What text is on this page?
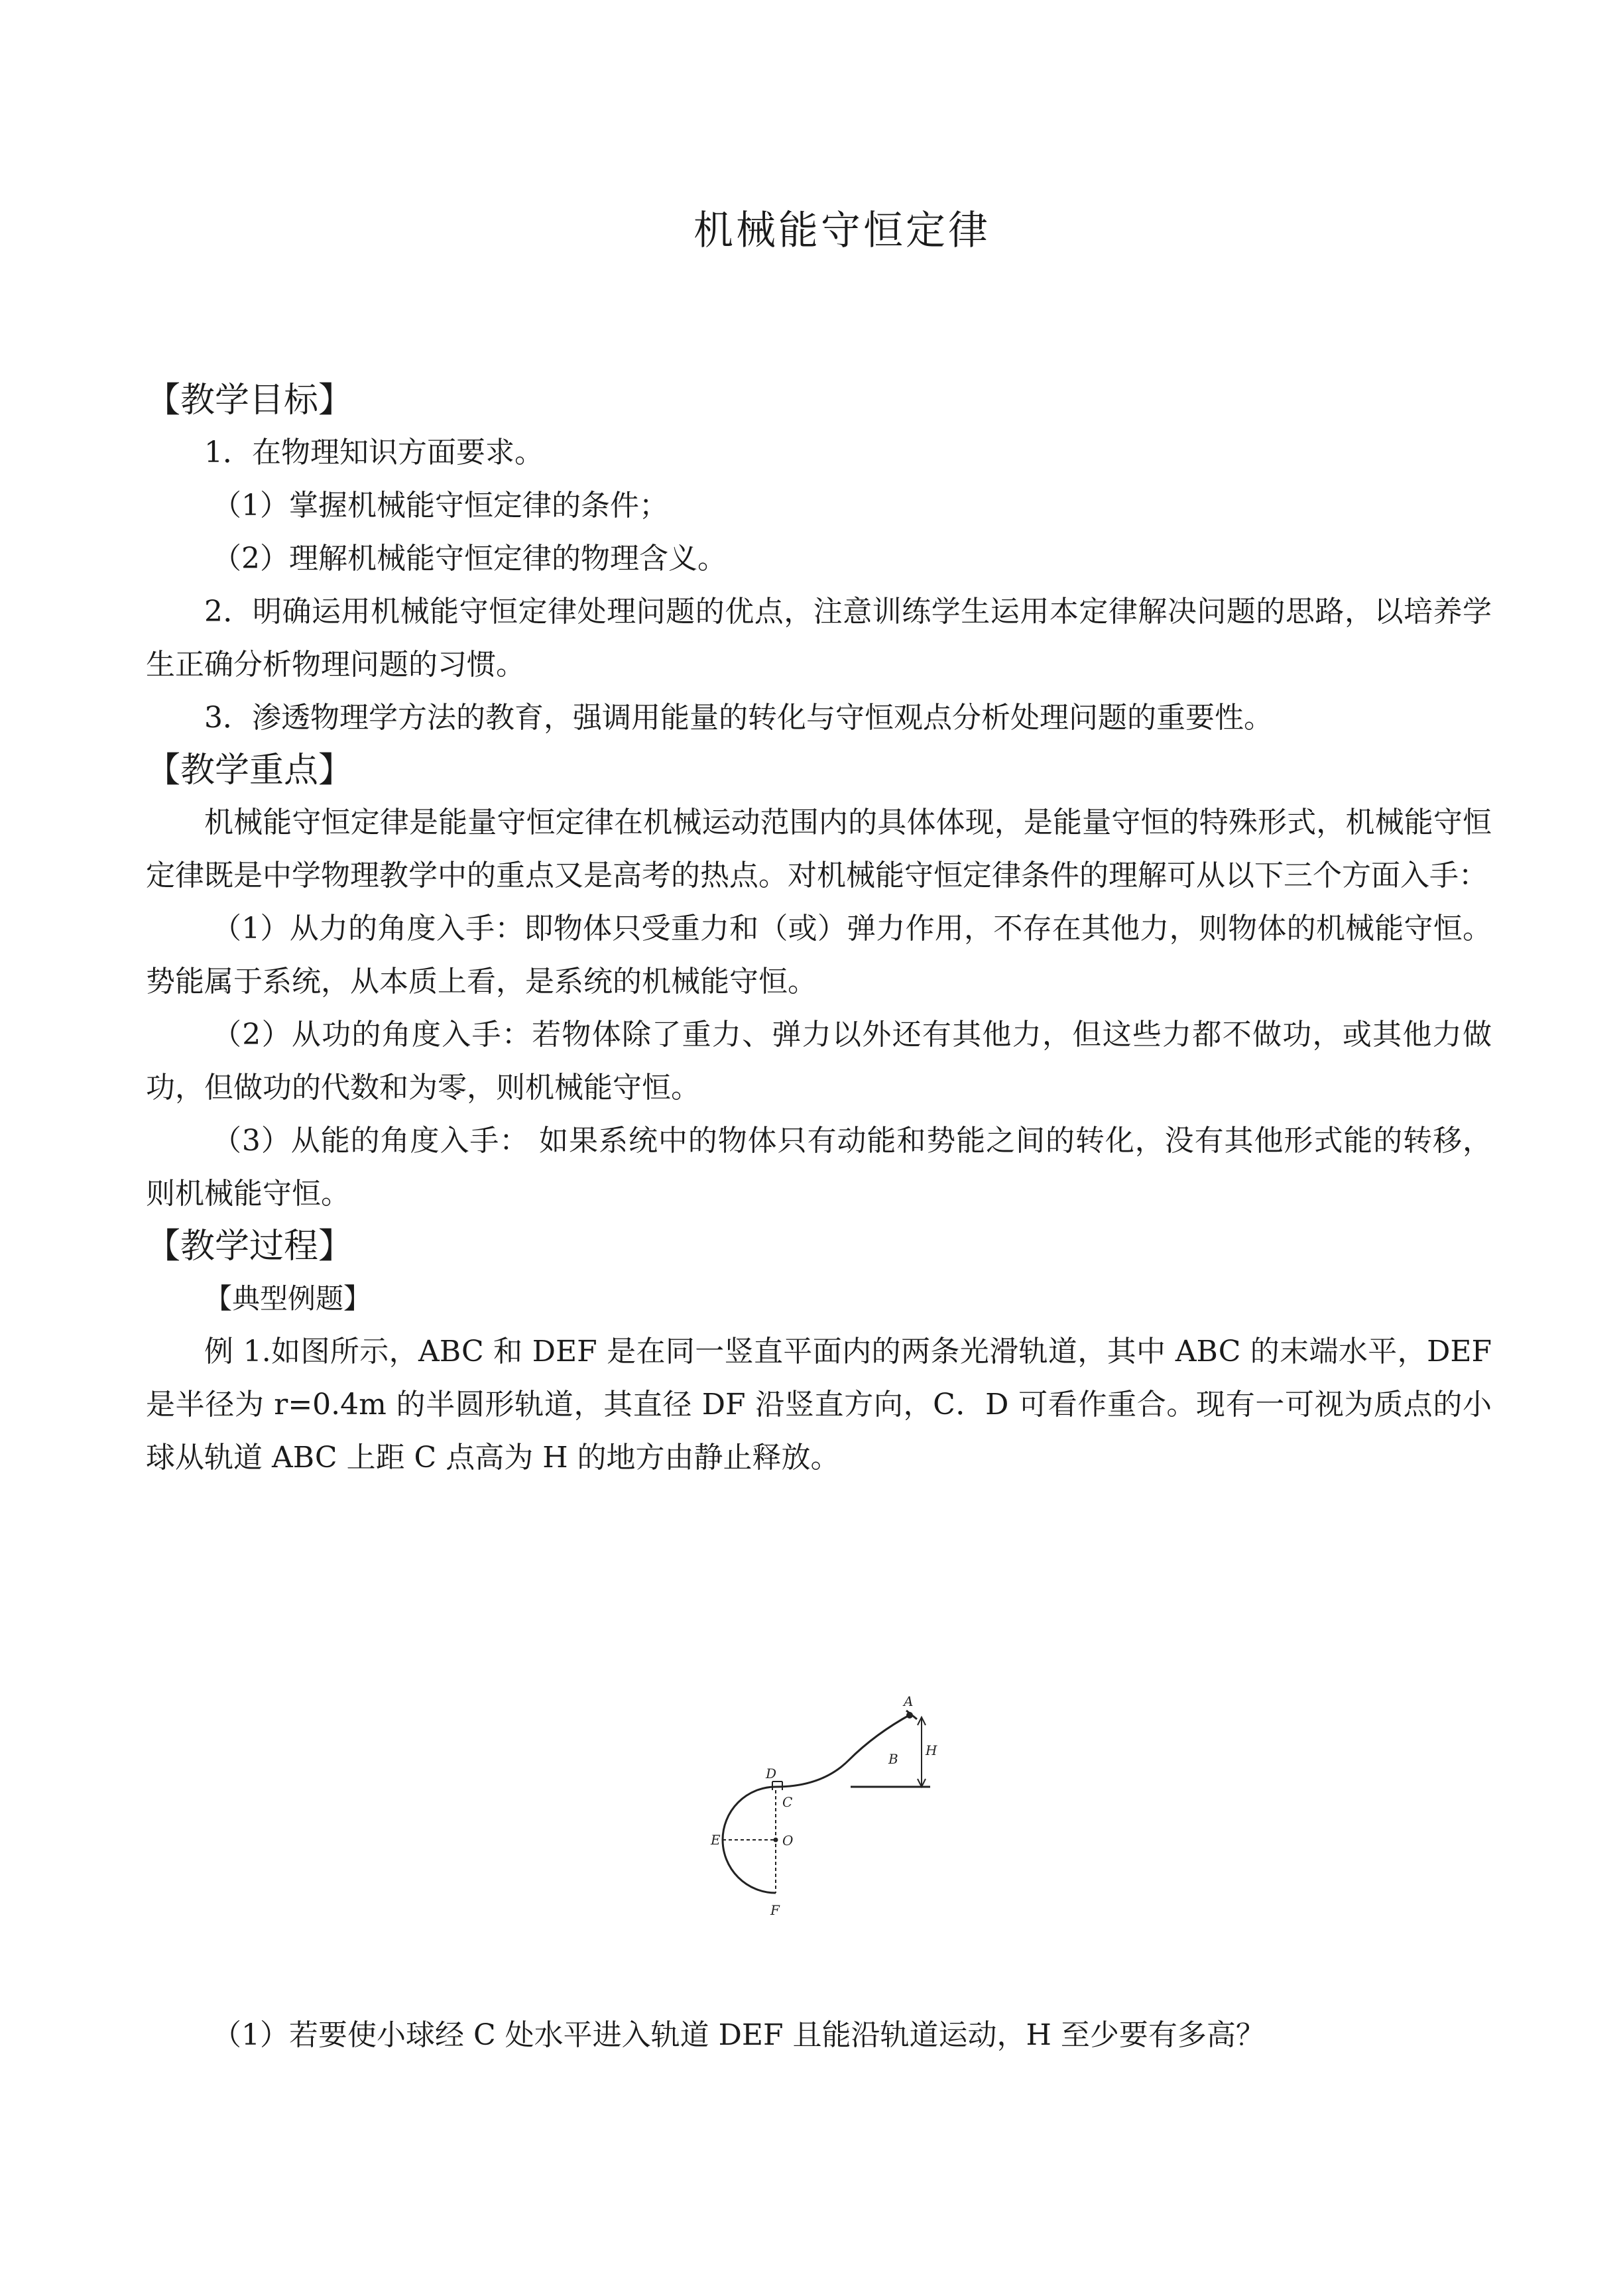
机械能守恒定律

【教学目标】

1．在物理知识方面要求。

（1）掌握机械能守恒定律的条件；

（2）理解机械能守恒定律的物理含义。

2．明确运用机械能守恒定律处理问题的优点，注意训练学生运用本定律解决问题的思路，以培养学生正确分析物理问题的习惯。

3．渗透物理学方法的教育，强调用能量的转化与守恒观点分析处理问题的重要性。

【教学重点】

机械能守恒定律是能量守恒定律在机械运动范围内的具体体现，是能量守恒的特殊形式，机械能守恒定律既是中学物理教学中的重点又是高考的热点。对机械能守恒定律条件的理解可从以下三个方面入手：

（1）从力的角度入手：即物体只受重力和（或）弹力作用，不存在其他力，则物体的机械能守恒。势能属于系统，从本质上看，是系统的机械能守恒。

（2）从功的角度入手：若物体除了重力、弹力以外还有其他力，但这些力都不做功，或其他力做功，但做功的代数和为零，则机械能守恒。

（3）从能的角度入手： 如果系统中的物体只有动能和势能之间的转化，没有其他形式能的转移，则机械能守恒。

【教学过程】

【典型例题】

例 1.如图所示，ABC 和 DEF 是在同一竖直平面内的两条光滑轨道，其中 ABC 的末端水平，DEF 是半径为 r=0.4m 的半圆形轨道，其直径 DF 沿竖直方向，C．D 可看作重合。现有一可视为质点的小球从轨道 ABC 上距 C 点高为 H 的地方由静止释放。

A
B
C
D
E
F
O
H

（1）若要使小球经 C 处水平进入轨道 DEF 且能沿轨道运动，H 至少要有多高？
